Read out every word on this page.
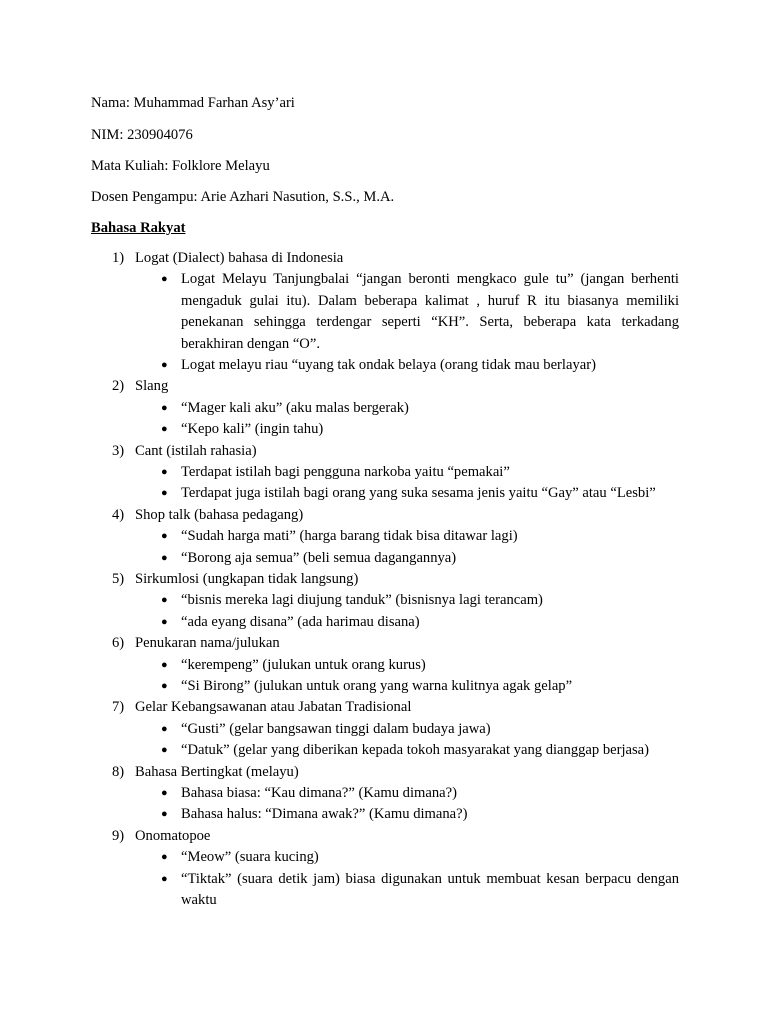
Nama: Muhammad Farhan Asy’ari
NIM: 230904076
Mata Kuliah: Folklore Melayu
Dosen Pengampu: Arie Azhari Nasution, S.S., M.A.
Bahasa Rakyat
1) Logat (Dialect) bahasa di Indonesia
● Logat Melayu Tanjungbalai “jangan beronti mengkaco gule tu” (jangan berhenti mengaduk gulai itu). Dalam beberapa kalimat , huruf R itu biasanya memiliki penekanan sehingga terdengar seperti “KH”. Serta, beberapa kata terkadang berakhiran dengan “O”.
● Logat melayu riau “uyang tak ondak belaya (orang tidak mau berlayar)
2) Slang
● “Mager kali aku” (aku malas bergerak)
● “Kepo kali” (ingin tahu)
3) Cant (istilah rahasia)
● Terdapat istilah bagi pengguna narkoba yaitu “pemakai”
● Terdapat juga istilah bagi orang yang suka sesama jenis yaitu “Gay” atau “Lesbi”
4) Shop talk (bahasa pedagang)
● “Sudah harga mati” (harga barang tidak bisa ditawar lagi)
● “Borong aja semua” (beli semua dagangannya)
5) Sirkumlosi (ungkapan tidak langsung)
● “bisnis mereka lagi diujung tanduk” (bisnisnya lagi terancam)
● “ada eyang disana” (ada harimau disana)
6) Penukaran nama/julukan
● “kerempeng” (julukan untuk orang kurus)
● “Si Birong” (julukan untuk orang yang warna kulitnya agak gelap”
7) Gelar Kebangsawanan atau Jabatan Tradisional
● “Gusti” (gelar bangsawan tinggi dalam budaya jawa)
● “Datuk” (gelar yang diberikan kepada tokoh masyarakat yang dianggap berjasa)
8) Bahasa Bertingkat (melayu)
● Bahasa biasa: “Kau dimana?” (Kamu dimana?)
● Bahasa halus: “Dimana awak?” (Kamu dimana?)
9) Onomatopoe
● “Meow” (suara kucing)
● “Tiktak” (suara detik jam) biasa digunakan untuk membuat kesan berpacu dengan waktu
